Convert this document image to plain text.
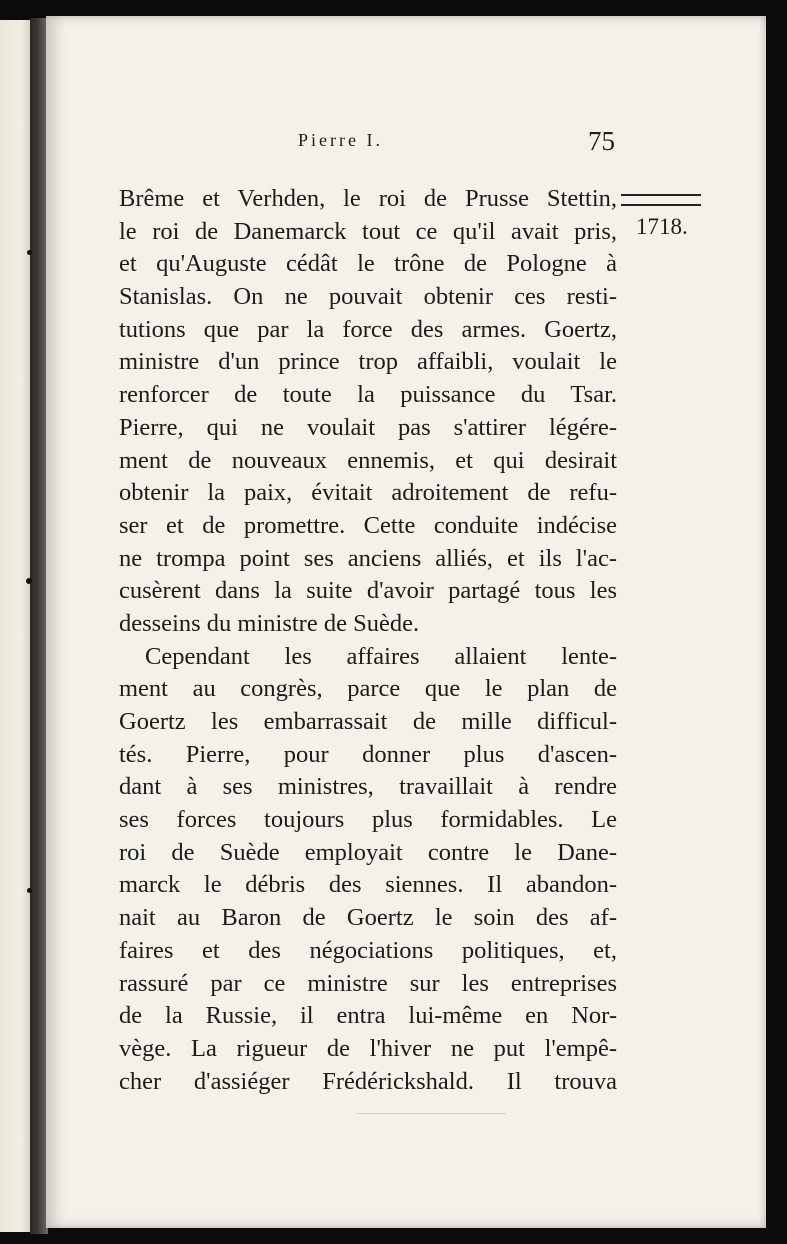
Pierre I.	75
1718.
Brême et Verhden, le roi de Prusse Stettin,
le roi de Danemarck tout ce qu'il avait pris,
et qu'Auguste cédât le trône de Pologne à
Stanislas. On ne pouvait obtenir ces resti-
tutions que par la force des armes. Goertz,
ministre d'un prince trop affaibli, voulait le
renforcer de toute la puissance du Tsar.
Pierre, qui ne voulait pas s'attirer légére-
ment de nouveaux ennemis, et qui desirait
obtenir la paix, évitait adroitement de refu-
ser et de promettre. Cette conduite indécise
ne trompa point ses anciens alliés, et ils l'ac-
cusèrent dans la suite d'avoir partagé tous les
desseins du ministre de Suède.
Cependant les affaires allaient lente-
ment au congrès, parce que le plan de
Goertz les embarrassait de mille difficul-
tés. Pierre, pour donner plus d'ascen-
dant à ses ministres, travaillait à rendre
ses forces toujours plus formidables. Le
roi de Suède employait contre le Dane-
marck le débris des siennes. Il abandon-
nait au Baron de Goertz le soin des af-
faires et des négociations politiques, et,
rassuré par ce ministre sur les entreprises
de la Russie, il entra lui-même en Nor-
vège. La rigueur de l'hiver ne put l'empê-
cher d'assiéger Frédérickshald. Il trouva
